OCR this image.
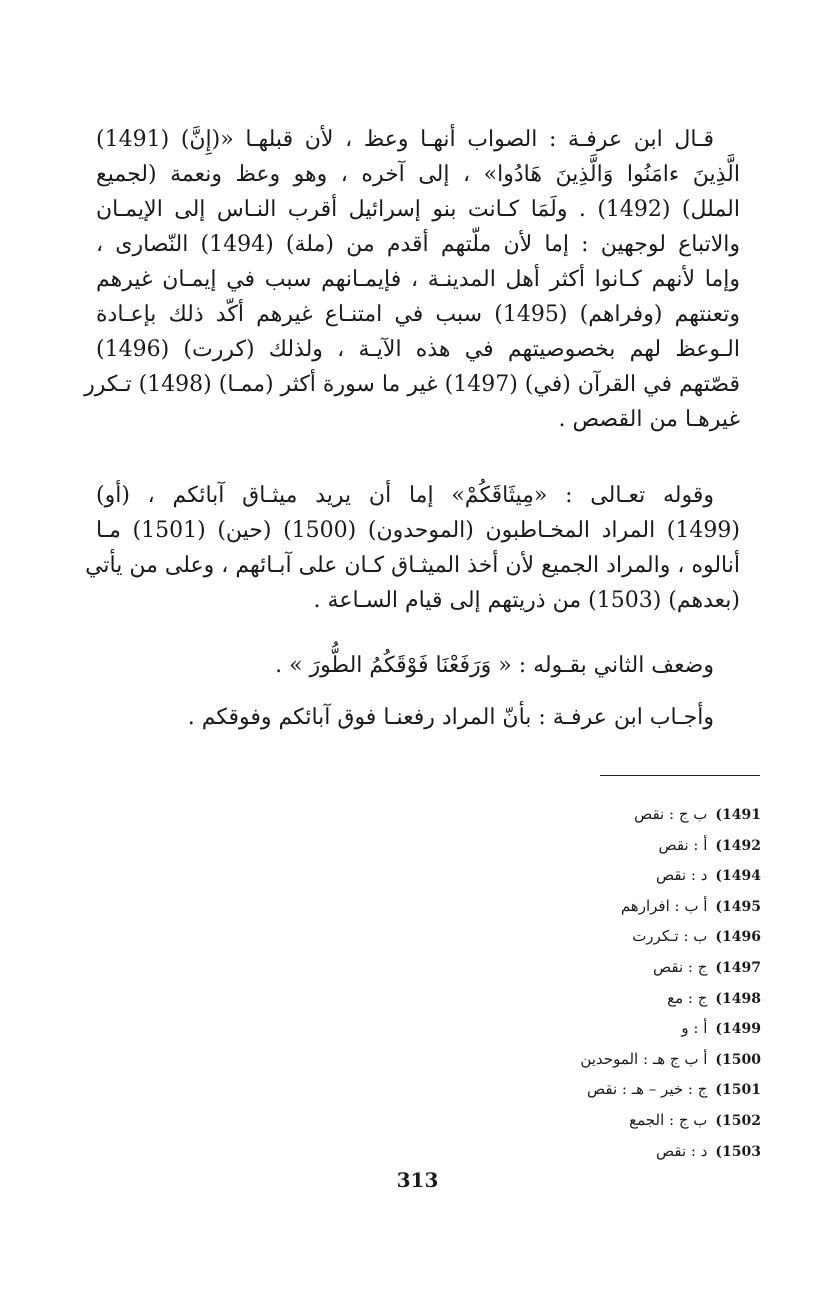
قـال ابن عرفـة : الصواب أنهـا وعظ ، لأن قبلهـا «(إِنَّ) (1491)
الَّذِينَ ءامَنُوا وَالَّذِينَ هَادُوا» ، إلى آخره ، وهو وعظ ونعمة (لجميع
الملل) (1492) . ولَمَا كـانت بنو إسرائيل أقرب النـاس إلى الإيمـان
والاتباع لوجهين : إما لأن ملّتهم أقدم من (ملة) (1494) النّصارى ،
وإما لأنهم كـانوا أكثر أهل المدينـة ، فإيمـانهم سبب في إيمـان غيرهم
وتعنتهم (وفراهم) (1495) سبب في امتنـاع غيرهم أكّد ذلك بإعـادة
الـوعظ لهم بخصوصيتهم في هذه الآيـة ، ولذلك (كررت) (1496)
قصّتهم في القرآن (في) (1497) غير ما سورة أكثر (ممـا) (1498) تـكرر
غيرهـا من القصص .
وقوله تعـالى : «مِيثَاقَكُمْ» إما أن يريد ميثـاق آبائكم ، (أو)
(1499) المراد المخـاطبون (الموحدون) (1500) (حين) (1501) مـا
أنالوه ، والمراد الجميع لأن أخذ الميثـاق كـان على آبـائهم ، وعلى من يأتي
(بعدهم) (1503) من ذريتهم إلى قيام السـاعة .
وضعف الثاني بقـوله : « وَرَفَعْنَا فَوْقَكُمُ الطُّورَ » .
وأجـاب ابن عرفـة : بأنّ المراد رفعنـا فوق آبائكم وفوقكم .
(1491ب ج : نقص
(1492أ : نقص
(1494د : نقص
(1495أ ب : افرارهم
(1496ب : تـكررت
(1497ج : نقص
(1498ج : مع
(1499أ : و
(1500أ ب ج هـ : الموحدين
(1501ج : خير – هـ : نقص
(1502ب ج : الجمع
(1503د : نقص
313
